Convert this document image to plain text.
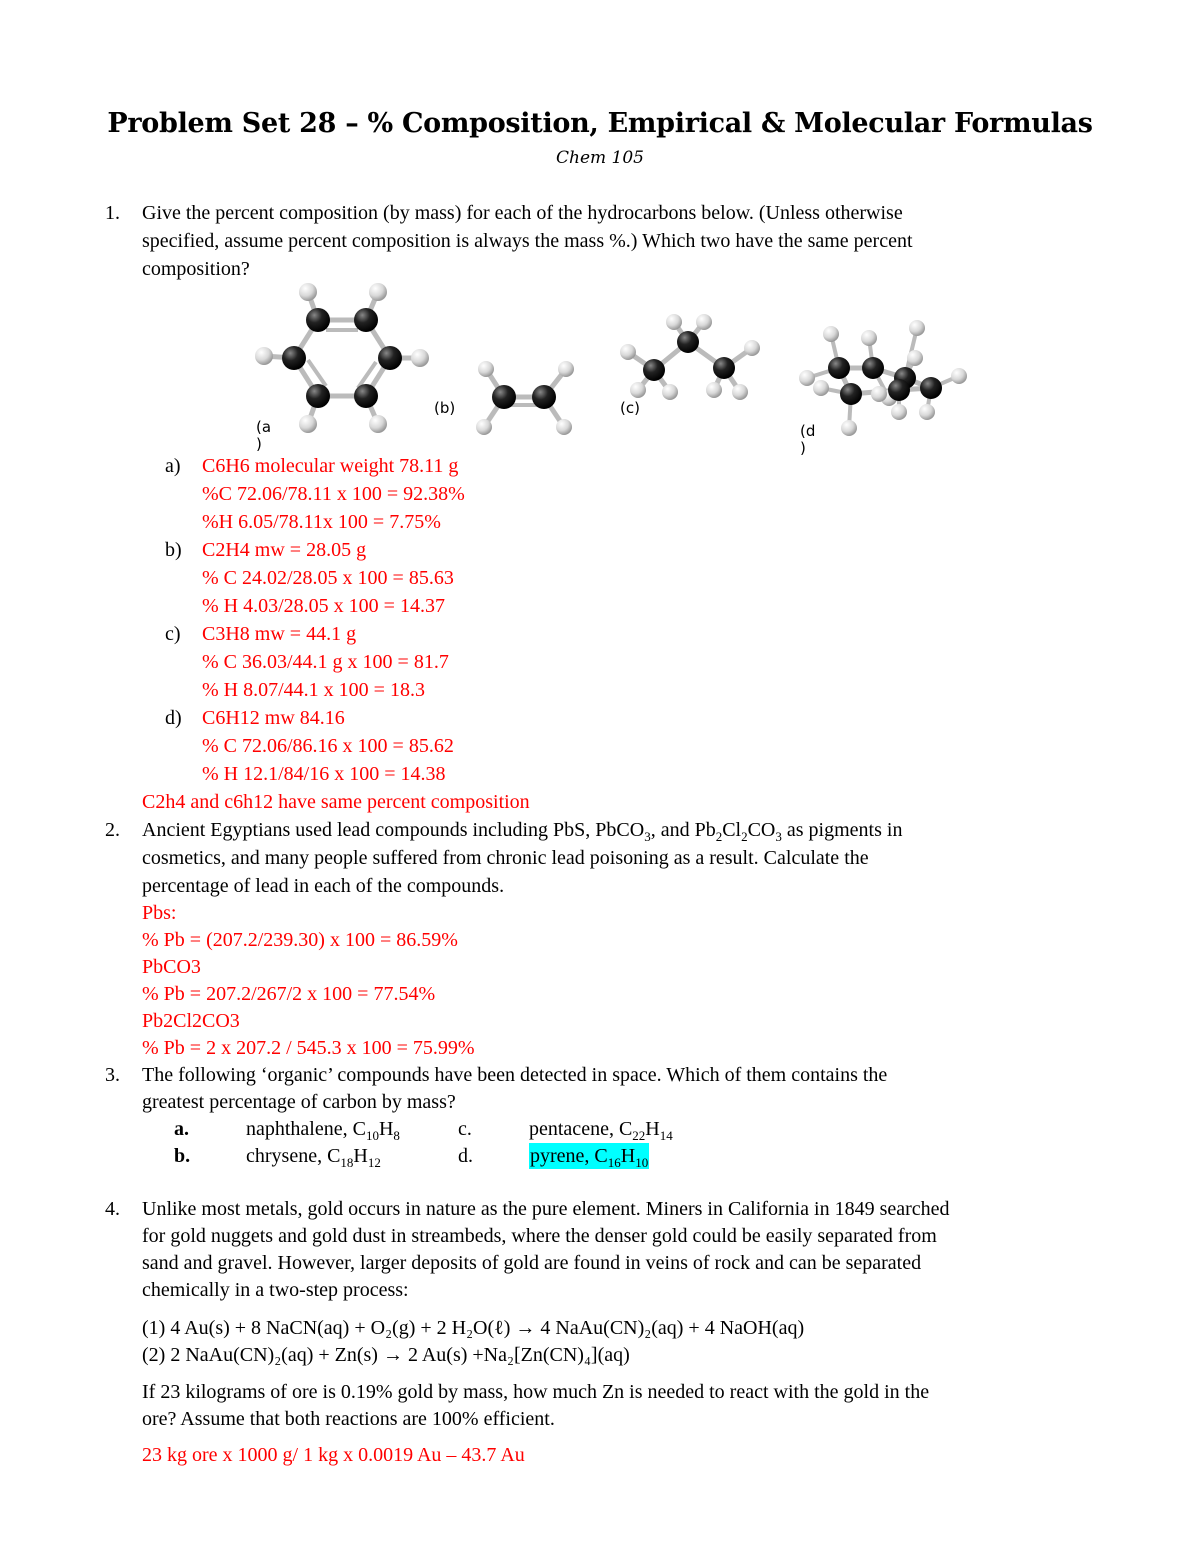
Problem Set 28 – % Composition, Empirical & Molecular Formulas
Chem 105
1. Give the percent composition (by mass) for each of the hydrocarbons below. (Unless otherwise
specified, assume percent composition is always the mass %.) Which two have the same percent
composition?
(a
)
(b)	(c)
(d
)
a) C6H6 molecular weight 78.11 g
%C 72.06/78.11 x 100 = 92.38%
%H 6.05/78.11x 100 = 7.75%
b) C2H4 mw = 28.05 g
% C 24.02/28.05 x 100 = 85.63
% H 4.03/28.05 x 100 = 14.37
c) C3H8 mw = 44.1 g
% C 36.03/44.1 g x 100 = 81.7
% H 8.07/44.1 x 100 = 18.3
d) C6H12 mw 84.16
% C 72.06/86.16 x 100 = 85.62
% H 12.1/84/16 x 100 = 14.38
C2h4 and c6h12 have same percent composition
2. Ancient Egyptians used lead compounds including PbS, PbCO$_3$, and $Pb_2Cl_2CO_3$ as pigments in
cosmetics, and many people suffered from chronic lead poisoning as a result. Calculate the
percentage of lead in each of the compounds.
Pbs:
% Pb = (207.2/239.30) x 100 = 86.59%
PbCO3
% Pb = 207.2/267/2 x 100 = 77.54%
Pb2Cl2CO3
% Pb = 2 x 207.2 / 545.3 x 100 = 75.99%
3. The following ‘organic’ compounds have been detected in space. Which of them contains the
greatest percentage of carbon by mass?
a.	naphthalene, $C_{10}H_8$	c.	pentacene, $C_{22}H_{14}$
b.	chrysene, $C_{18}H_{12}$	d.	pyrene, $C_{16}H_{10}$
4. Unlike most metals, gold occurs in nature as the pure element. Miners in California in 1849 searched
for gold nuggets and gold dust in streambeds, where the denser gold could be easily separated from
sand and gravel. However, larger deposits of gold are found in veins of rock and can be separated
chemically in a two-step process:
(1) 4 Au(s) + 8 NaCN(aq) + O₂(g) + 2 H₂O(ℓ) → 4 NaAu(CN)₂(aq) + 4 NaOH(aq)
(2) 2 NaAu(CN)₂(aq) + Zn(s) → 2 Au(s) +Na₂[Zn(CN)₄](aq)
If 23 kilograms of ore is 0.19% gold by mass, how much Zn is needed to react with the gold in the
ore? Assume that both reactions are 100% efficient.
23 kg ore x 1000 g/ 1 kg x 0.0019 Au – 43.7 Au
